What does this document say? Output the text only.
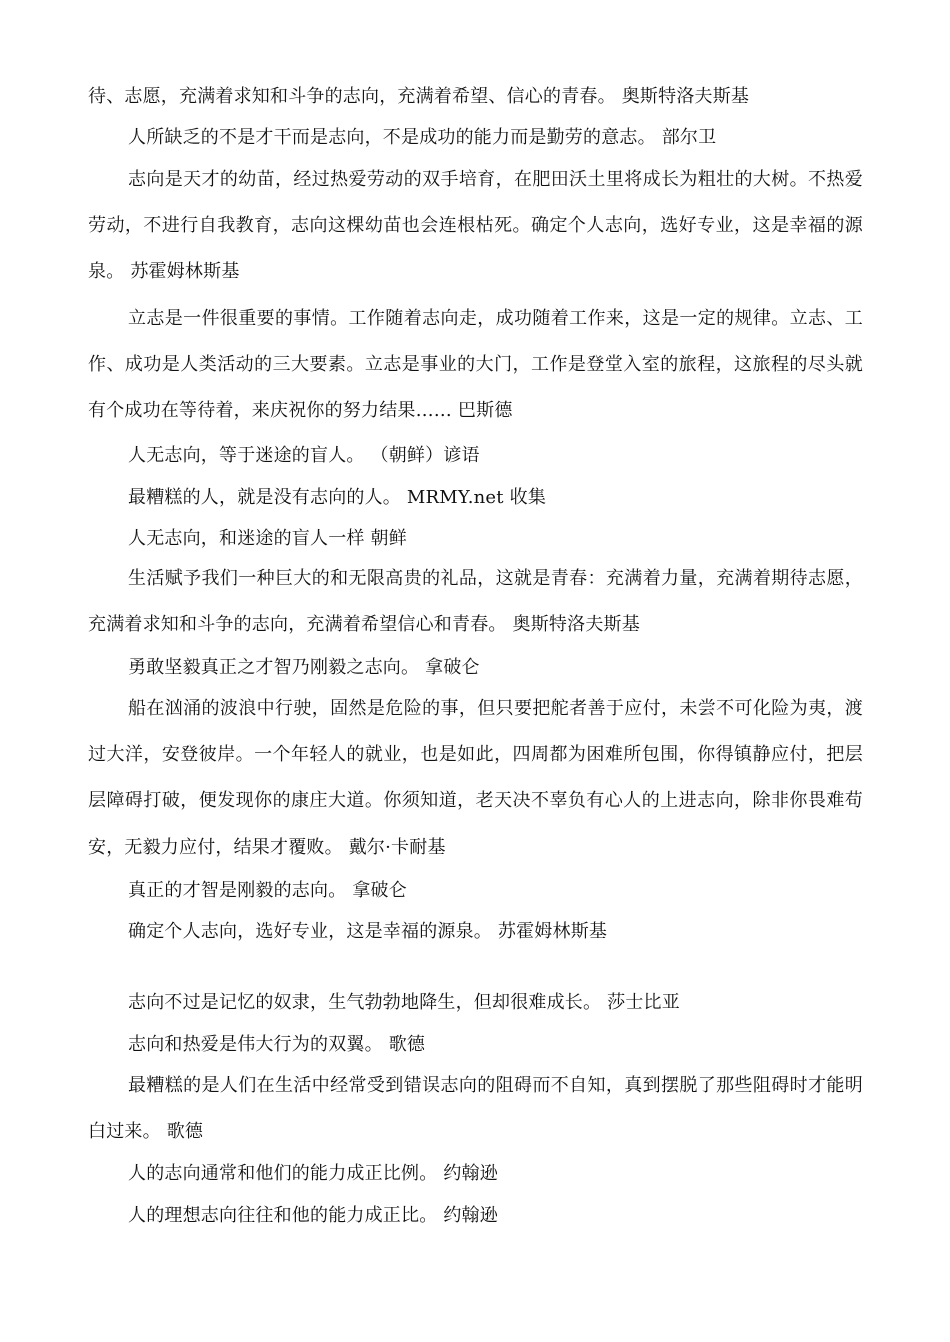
待、志愿，充满着求知和斗争的志向，充满着希望、信心的青春。 奥斯特洛夫斯基

人所缺乏的不是才干而是志向，不是成功的能力而是勤劳的意志。 部尔卫

志向是天才的幼苗，经过热爱劳动的双手培育，在肥田沃土里将成长为粗壮的大树。不热爱劳动，不进行自我教育，志向这棵幼苗也会连根枯死。确定个人志向，选好专业，这是幸福的源泉。 苏霍姆林斯基

立志是一件很重要的事情。工作随着志向走，成功随着工作来，这是一定的规律。立志、工作、成功是人类活动的三大要素。立志是事业的大门，工作是登堂入室的旅程，这旅程的尽头就有个成功在等待着，来庆祝你的努力结果…… 巴斯德

人无志向，等于迷途的盲人。 （朝鲜）谚语

最糟糕的人，就是没有志向的人。 MRMY.net 收集

人无志向，和迷途的盲人一样 朝鲜

生活赋予我们一种巨大的和无限高贵的礼品，这就是青春：充满着力量，充满着期待志愿，充满着求知和斗争的志向，充满着希望信心和青春。 奥斯特洛夫斯基

勇敢坚毅真正之才智乃刚毅之志向。 拿破仑

船在汹涌的波浪中行驶，固然是危险的事，但只要把舵者善于应付，未尝不可化险为夷，渡过大洋，安登彼岸。一个年轻人的就业，也是如此，四周都为困难所包围，你得镇静应付，把层层障碍打破，便发现你的康庄大道。你须知道，老天决不辜负有心人的上进志向，除非你畏难苟安，无毅力应付，结果才覆败。 戴尔·卡耐基

真正的才智是刚毅的志向。 拿破仑

确定个人志向，选好专业，这是幸福的源泉。 苏霍姆林斯基

志向不过是记忆的奴隶，生气勃勃地降生，但却很难成长。 莎士比亚

志向和热爱是伟大行为的双翼。 歌德

最糟糕的是人们在生活中经常受到错误志向的阻碍而不自知，真到摆脱了那些阻碍时才能明白过来。 歌德

人的志向通常和他们的能力成正比例。 约翰逊

人的理想志向往往和他的能力成正比。 约翰逊
